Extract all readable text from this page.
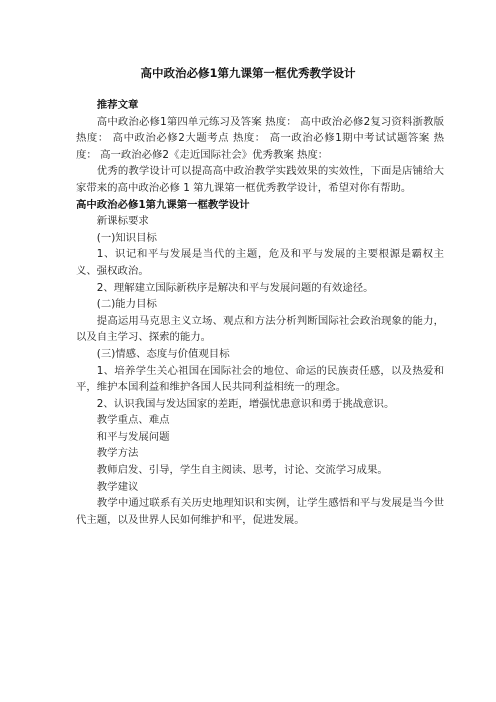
高中政治必修1第九课第一框优秀教学设计

推荐文章

高中政治必修1第四单元练习及答案 热度： 高中政治必修2复习资料浙教版 热度： 高中政治必修2大题考点 热度： 高一政治必修1期中考试试题答案 热度： 高一政治必修2《走近国际社会》优秀教案 热度：

优秀的教学设计可以提高高中政治教学实践效果的实效性，下面是店铺给大家带来的高中政治必修 1 第九课第一框优秀教学设计，希望对你有帮助。

高中政治必修1第九课第一框教学设计

新课标要求

(一)知识目标

1、识记和平与发展是当代的主题，危及和平与发展的主要根源是霸权主义、强权政治。

2、理解建立国际新秩序是解决和平与发展问题的有效途径。

(二)能力目标

提高运用马克思主义立场、观点和方法分析判断国际社会政治现象的能力，以及自主学习、探索的能力。

(三)情感、态度与价值观目标

1、培养学生关心祖国在国际社会的地位、命运的民族责任感，以及热爱和平，维护本国利益和维护各国人民共同利益相统一的理念。

2、认识我国与发达国家的差距，增强忧患意识和勇于挑战意识。

教学重点、难点

和平与发展问题

教学方法

教师启发、引导，学生自主阅读、思考，讨论、交流学习成果。

教学建议

教学中通过联系有关历史地理知识和实例，让学生感悟和平与发展是当今世代主题，以及世界人民如何维护和平，促进发展。
